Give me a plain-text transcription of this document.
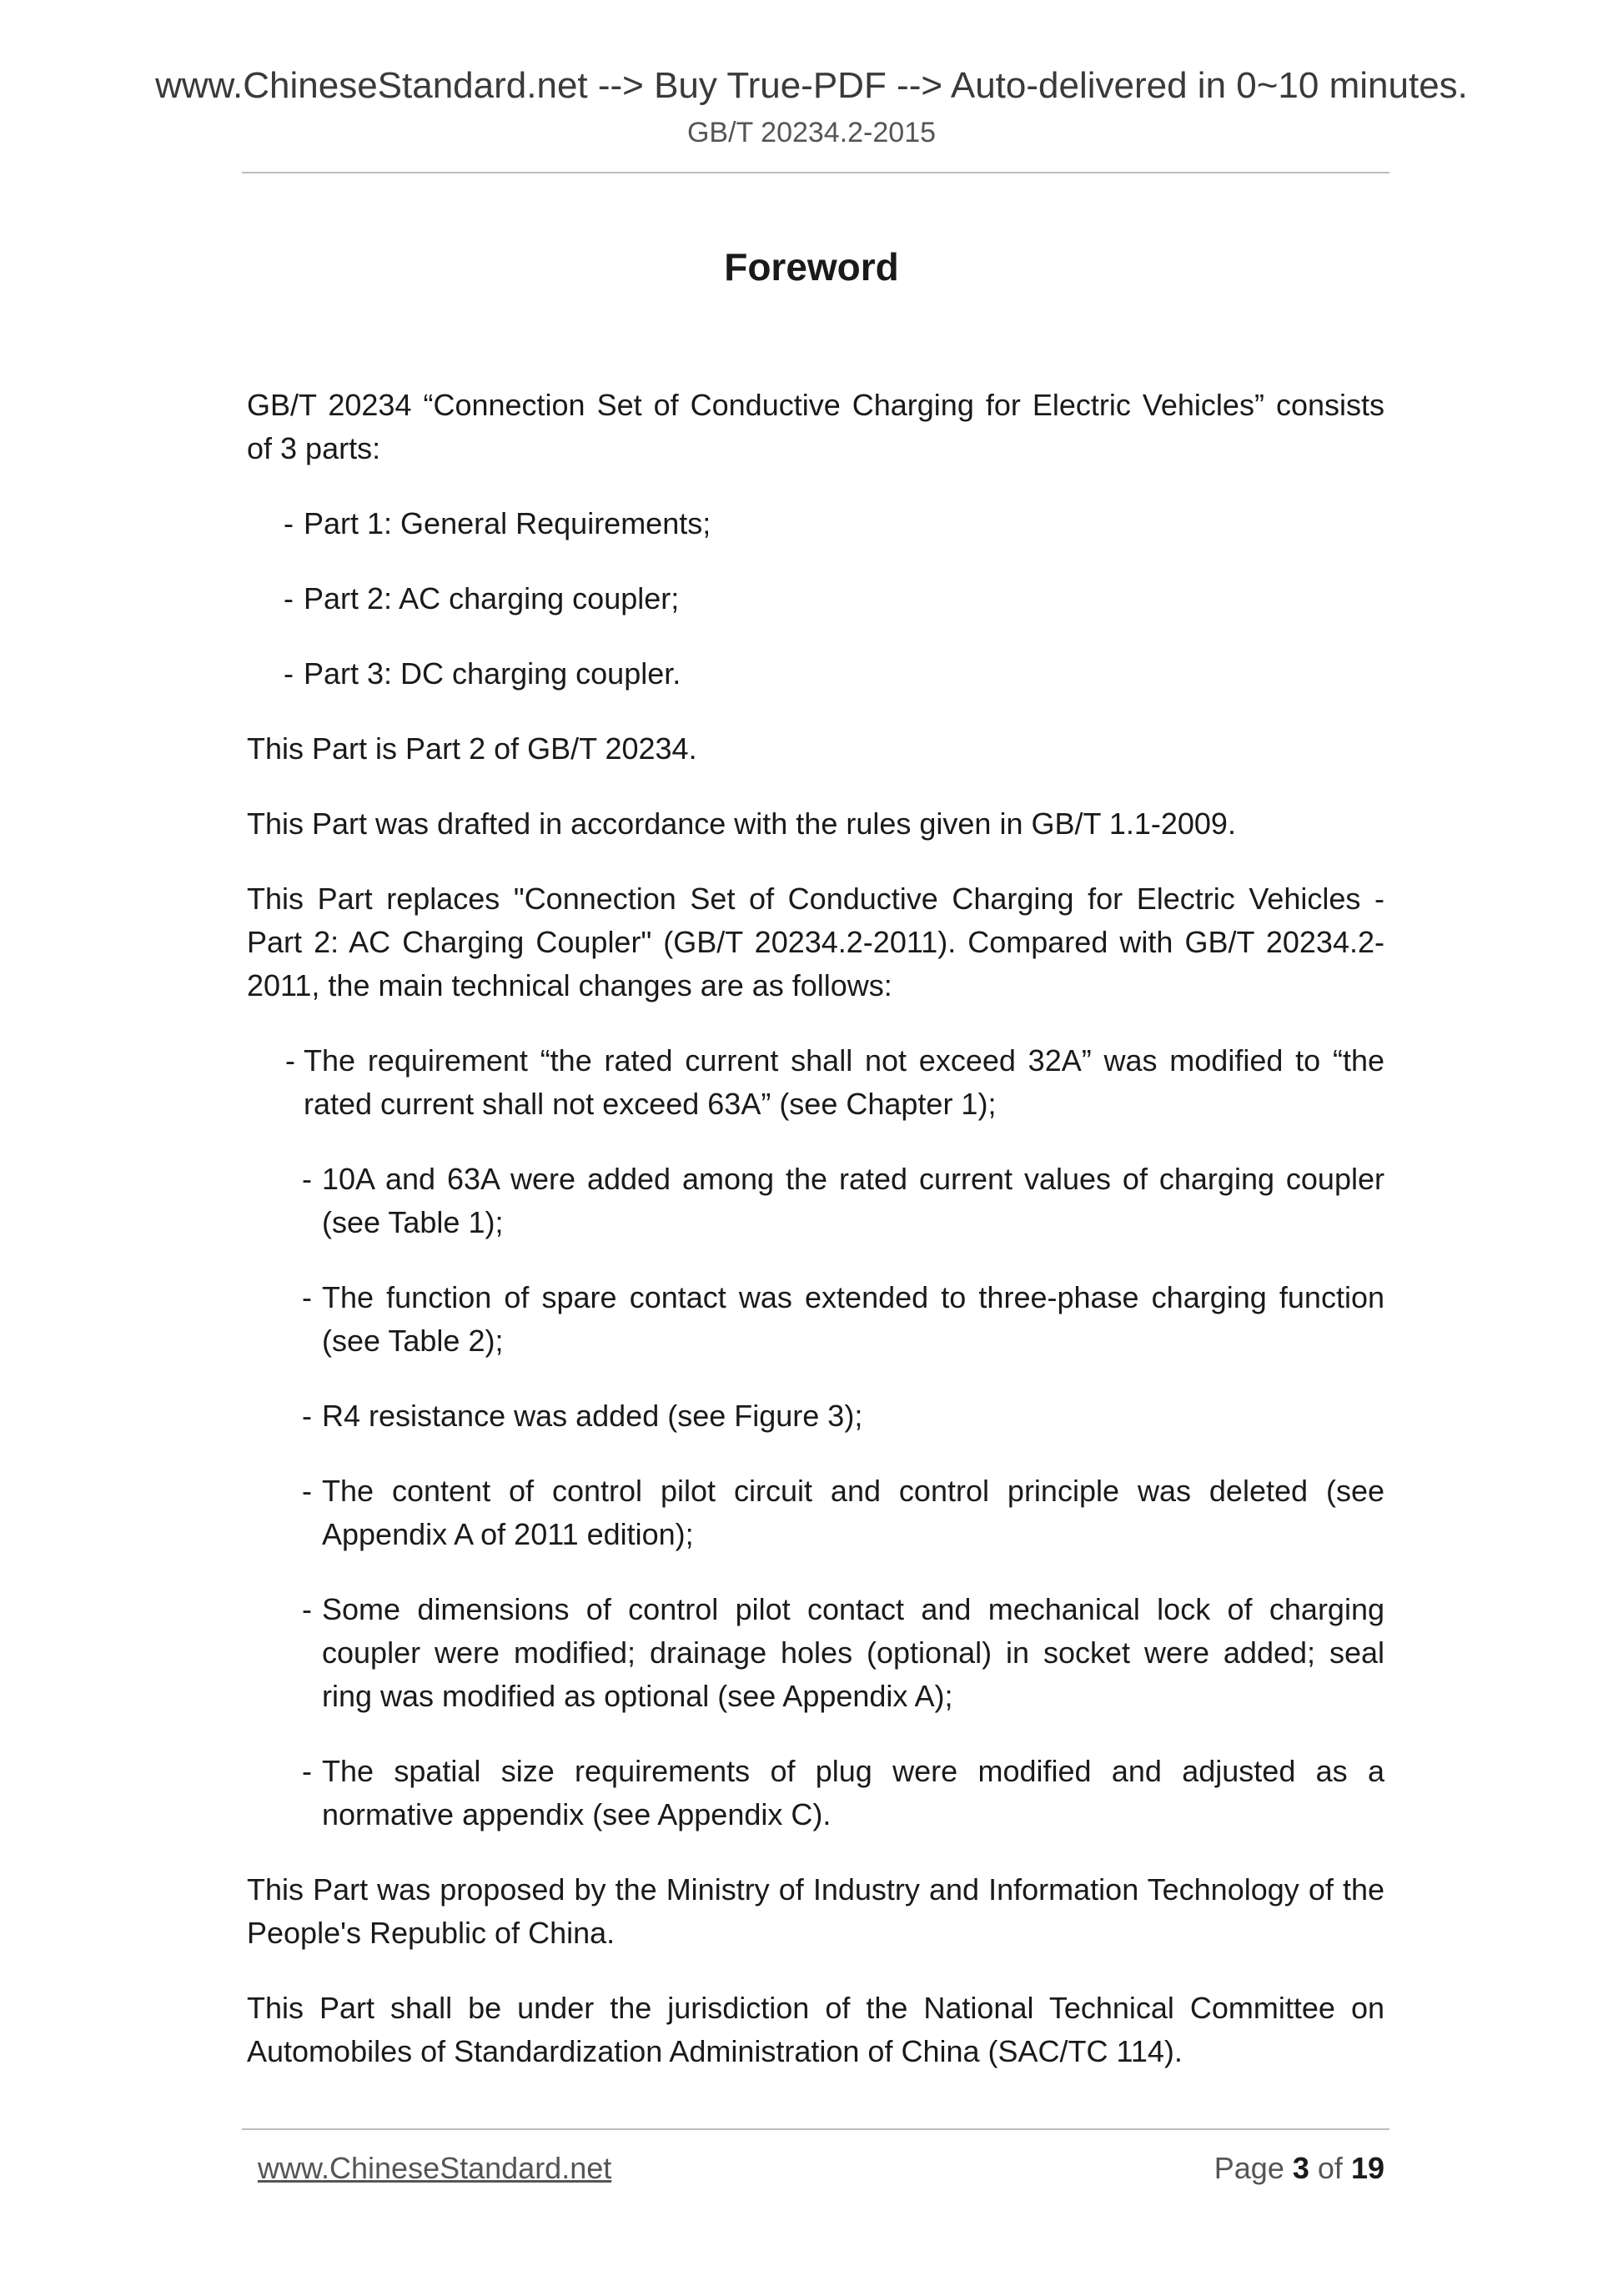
www.ChineseStandard.net --> Buy True-PDF --> Auto-delivered in 0~10 minutes.
GB/T 20234.2-2015
Foreword

GB/T 20234 “Connection Set of Conductive Charging for Electric Vehicles” consists of 3 parts:

- Part 1: General Requirements;
- Part 2: AC charging coupler;
- Part 3: DC charging coupler.

This Part is Part 2 of GB/T 20234.

This Part was drafted in accordance with the rules given in GB/T 1.1-2009.

This Part replaces "Connection Set of Conductive Charging for Electric Vehicles - Part 2: AC Charging Coupler" (GB/T 20234.2-2011). Compared with GB/T 20234.2-2011, the main technical changes are as follows:

- The requirement “the rated current shall not exceed 32A” was modified to “the rated current shall not exceed 63A” (see Chapter 1);
- 10A and 63A were added among the rated current values of charging coupler (see Table 1);
- The function of spare contact was extended to three-phase charging function (see Table 2);
- R4 resistance was added (see Figure 3);
- The content of control pilot circuit and control principle was deleted (see Appendix A of 2011 edition);
- Some dimensions of control pilot contact and mechanical lock of charging coupler were modified; drainage holes (optional) in socket were added; seal ring was modified as optional (see Appendix A);
- The spatial size requirements of plug were modified and adjusted as a normative appendix (see Appendix C).

This Part was proposed by the Ministry of Industry and Information Technology of the People's Republic of China.

This Part shall be under the jurisdiction of the National Technical Committee on Automobiles of Standardization Administration of China (SAC/TC 114).

www.ChineseStandard.net	Page 3 of 19
